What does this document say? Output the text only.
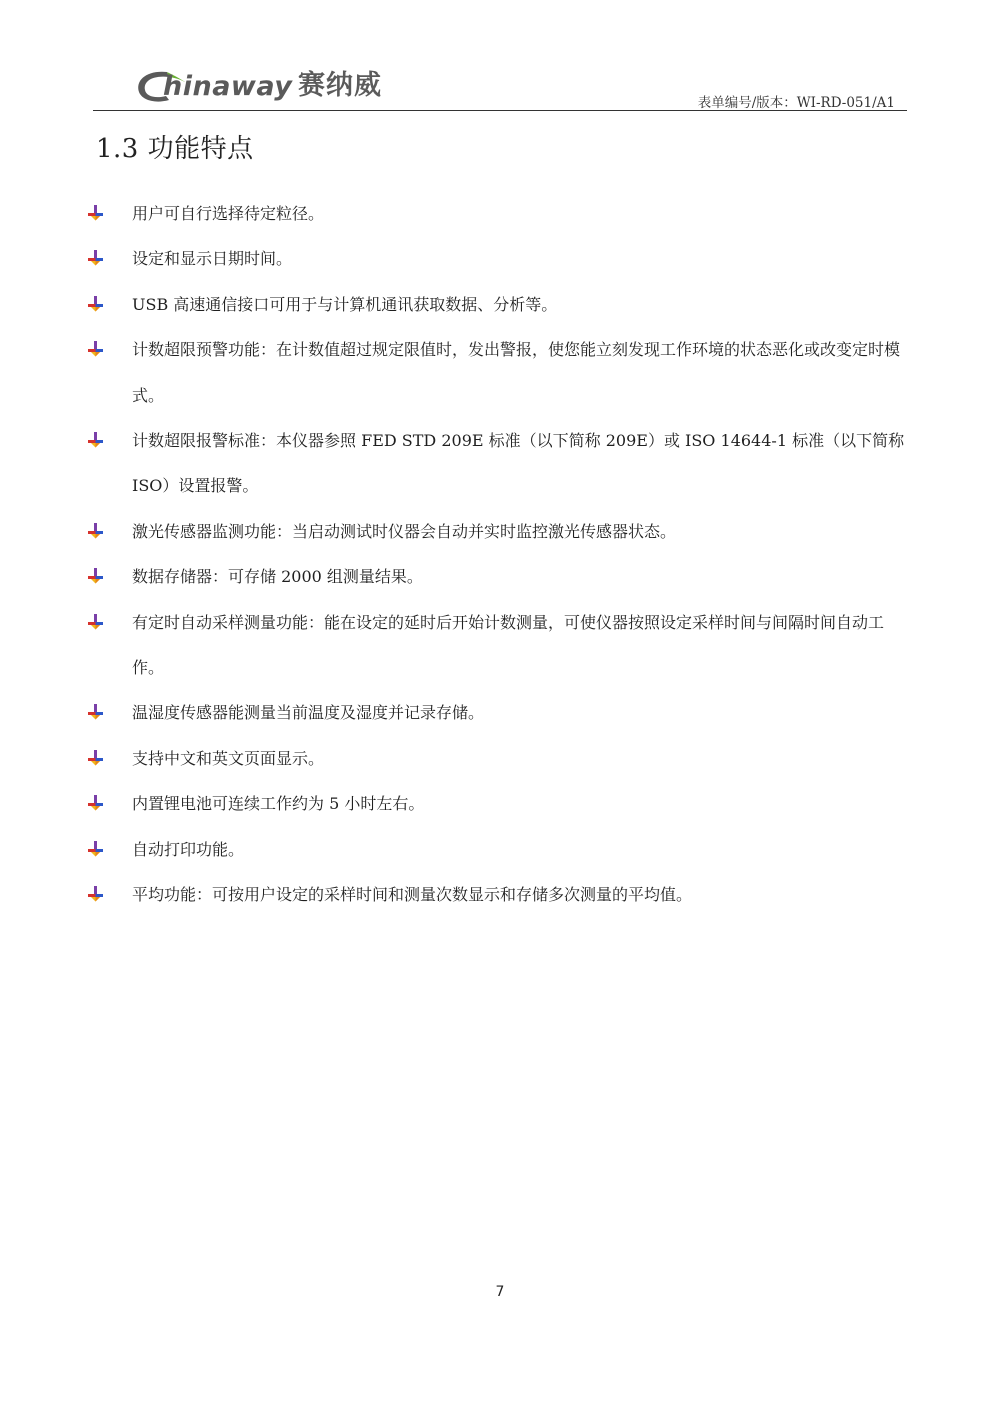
hinaway 赛纳威
表单编号/版本：WI-RD-051/A1
1.3 功能特点
用户可自行选择待定粒径。
设定和显示日期时间。
USB 高速通信接口可用于与计算机通讯获取数据、分析等。
计数超限预警功能：在计数值超过规定限值时，发出警报，使您能立刻发现工作环境的状态恶化或改变定时模式。
计数超限报警标准：本仪器参照 FED STD 209E 标准（以下简称 209E）或 ISO 14644-1 标准（以下简称 ISO）设置报警。
激光传感器监测功能：当启动测试时仪器会自动并实时监控激光传感器状态。
数据存储器：可存储 2000 组测量结果。
有定时自动采样测量功能：能在设定的延时后开始计数测量，可使仪器按照设定采样时间与间隔时间自动工作。
温湿度传感器能测量当前温度及湿度并记录存储。
支持中文和英文页面显示。
内置锂电池可连续工作约为 5 小时左右。
自动打印功能。
平均功能：可按用户设定的采样时间和测量次数显示和存储多次测量的平均值。
7
